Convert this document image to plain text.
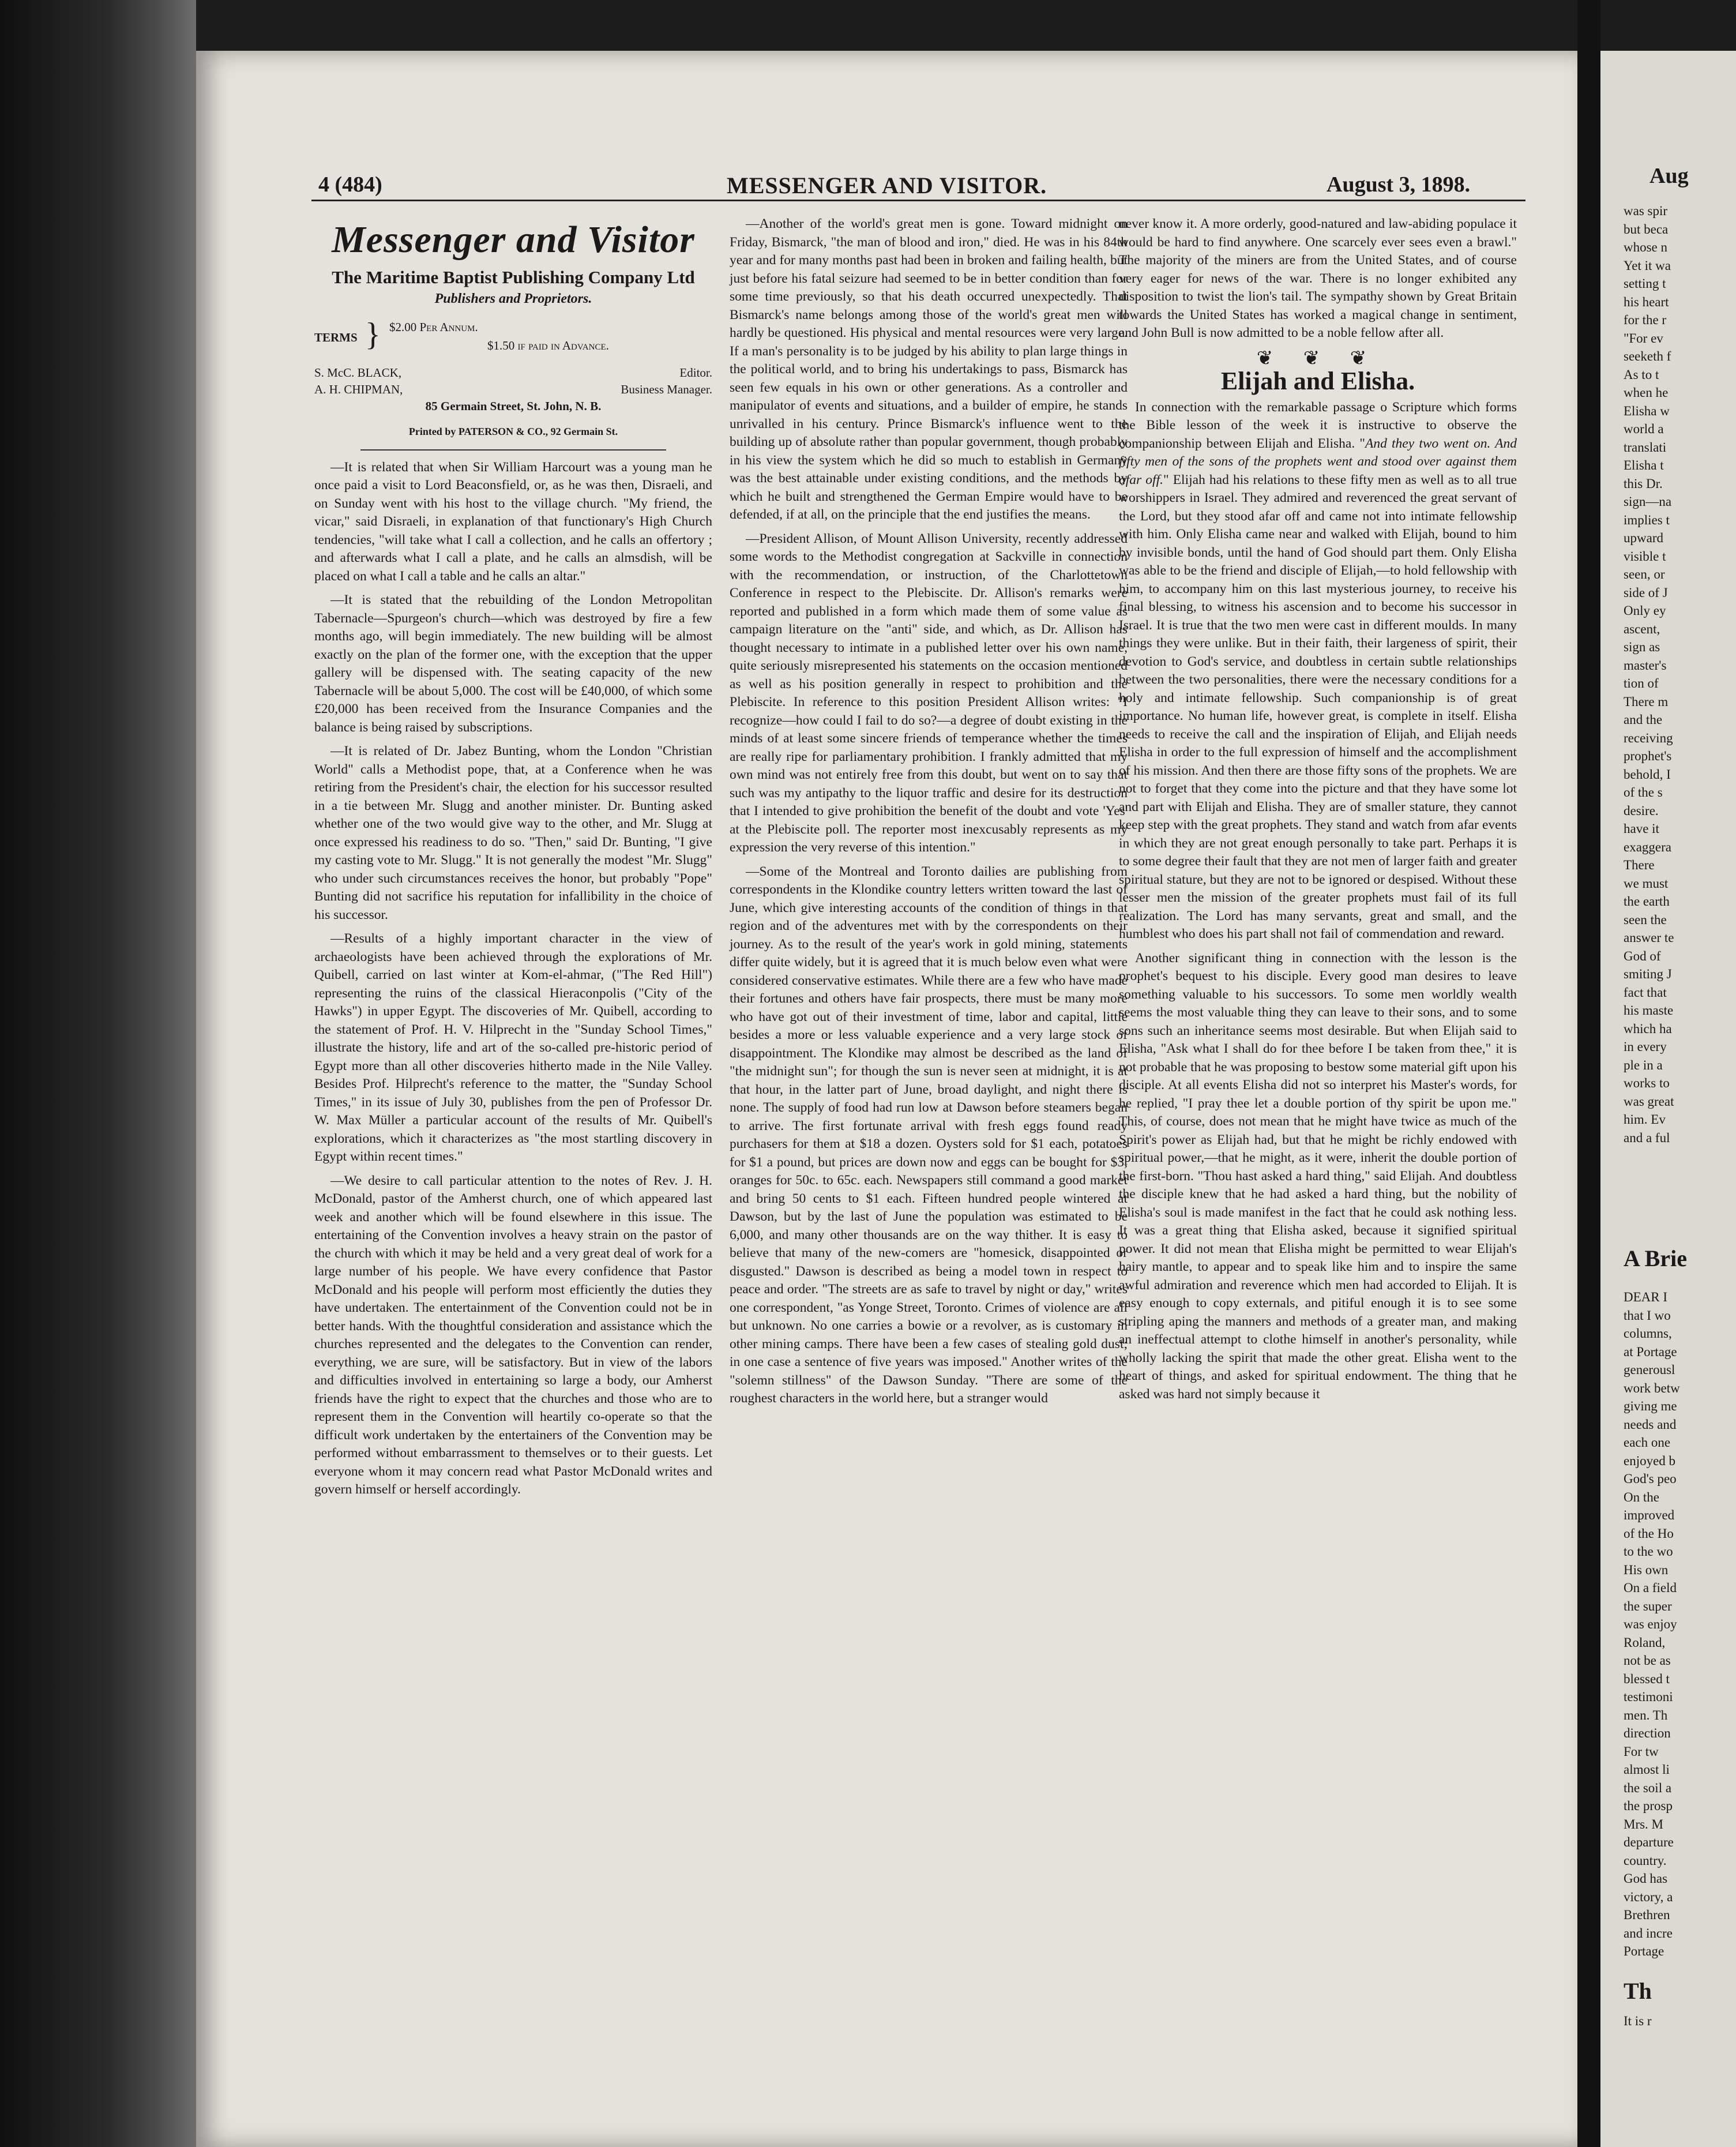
4 (484)	MESSENGER AND VISITOR.	August 3, 1898.
Messenger and Visitor
The Maritime Baptist Publishing Company Ltd
Publishers and Proprietors.
TERMS } $2.00 Per Annum.
$1.50 if paid in Advance.
S. McC. BLACK,	Editor.
A. H. CHIPMAN,	Business Manager.
85 Germain Street, St. John, N. B.
Printed by PATERSON & CO., 92 Germain St.

—It is related that when Sir William Harcourt was a young man he once paid a visit to Lord Beaconsfield, or, as he was then, Disraeli, and on Sunday went with his host to the village church. "My friend, the vicar," said Disraeli, in explanation of that functionary's High Church tendencies, "will take what I call a collection, and he calls an offertory ; and afterwards what I call a plate, and he calls an almsdish, will be placed on what I call a table and he calls an altar."

—It is stated that the rebuilding of the London Metropolitan Tabernacle—Spurgeon's church—which was destroyed by fire a few months ago, will begin immediately. The new building will be almost exactly on the plan of the former one, with the exception that the upper gallery will be dispensed with. The seating capacity of the new Tabernacle will be about 5,000. The cost will be £40,000, of which some £20,000 has been received from the Insurance Companies and the balance is being raised by subscriptions.

—It is related of Dr. Jabez Bunting, whom the London "Christian World" calls a Methodist pope, that, at a Conference when he was retiring from the President's chair, the election for his successor resulted in a tie between Mr. Slugg and another minister. Dr. Bunting asked whether one of the two would give way to the other, and Mr. Slugg at once expressed his readiness to do so. "Then," said Dr. Bunting, "I give my casting vote to Mr. Slugg." It is not generally the modest "Mr. Slugg" who under such circumstances receives the honor, but probably "Pope" Bunting did not sacrifice his reputation for infallibility in the choice of his successor.

—Results of a highly important character in the view of archaeologists have been achieved through the explorations of Mr. Quibell, carried on last winter at Kom-el-ahmar, ("The Red Hill") representing the ruins of the classical Hieraconpolis ("City of the Hawks") in upper Egypt. The discoveries of Mr. Quibell, according to the statement of Prof. H. V. Hilprecht in the "Sunday School Times," illustrate the history, life and art of the so-called pre-historic period of Egypt more than all other discoveries hitherto made in the Nile Valley. Besides Prof. Hilprecht's reference to the matter, the "Sunday School Times," in its issue of July 30, publishes from the pen of Professor Dr. W. Max Müller a particular account of the results of Mr. Quibell's explorations, which it characterizes as "the most startling discovery in Egypt within recent times."

—We desire to call particular attention to the notes of Rev. J. H. McDonald, pastor of the Amherst church, one of which appeared last week and another which will be found elsewhere in this issue. The entertaining of the Convention involves a heavy strain on the pastor of the church with which it may be held and a very great deal of work for a large number of his people. We have every confidence that Pastor McDonald and his people will perform most efficiently the duties they have undertaken. The entertainment of the Convention could not be in better hands. With the thoughtful consideration and assistance which the churches represented and the delegates to the Convention can render, everything, we are sure, will be satisfactory. But in view of the labors and difficulties involved in entertaining so large a body, our Amherst friends have the right to expect that the churches and those who are to represent them in the Convention will heartily co-operate so that the difficult work undertaken by the entertainers of the Convention may be performed without embarrassment to themselves or to their guests. Let everyone whom it may concern read what Pastor McDonald writes and govern himself or herself accordingly.

—Another of the world's great men is gone. Toward midnight on Friday, Bismarck, "the man of blood and iron," died. He was in his 84th year and for many months past had been in broken and failing health, but just before his fatal seizure had seemed to be in better condition than for some time previously, so that his death occurred unexpectedly. That Bismarck's name belongs among those of the world's great men will hardly be questioned. His physical and mental resources were very large. If a man's personality is to be judged by his ability to plan large things in the political world, and to bring his undertakings to pass, Bismarck has seen few equals in his own or other generations. As a controller and manipulator of events and situations, and a builder of empire, he stands unrivalled in his century. Prince Bismarck's influence went to the building up of absolute rather than popular government, though probably in his view the system which he did so much to establish in Germany was the best attainable under existing conditions, and the methods by which he built and strengthened the German Empire would have to be defended, if at all, on the principle that the end justifies the means.

—President Allison, of Mount Allison University, recently addressed some words to the Methodist congregation at Sackville in connection with the recommendation, or instruction, of the Charlottetown Conference in respect to the Plebiscite. Dr. Allison's remarks were reported and published in a form which made them of some value as campaign literature on the "anti" side, and which, as Dr. Allison has thought necessary to intimate in a published letter over his own name, quite seriously misrepresented his statements on the occasion mentioned as well as his position generally in respect to prohibition and the Plebiscite. In reference to this position President Allison writes: "I recognize—how could I fail to do so?—a degree of doubt existing in the minds of at least some sincere friends of temperance whether the times are really ripe for parliamentary prohibition. I frankly admitted that my own mind was not entirely free from this doubt, but went on to say that such was my antipathy to the liquor traffic and desire for its destruction that I intended to give prohibition the benefit of the doubt and vote 'Yes' at the Plebiscite poll. The reporter most inexcusably represents as my expression the very reverse of this intention."

—Some of the Montreal and Toronto dailies are publishing from correspondents in the Klondike country letters written toward the last of June, which give interesting accounts of the condition of things in that region and of the adventures met with by the correspondents on their journey. As to the result of the year's work in gold mining, statements differ quite widely, but it is agreed that it is much below even what were considered conservative estimates. While there are a few who have made their fortunes and others have fair prospects, there must be many more who have got out of their investment of time, labor and capital, little besides a more or less valuable experience and a very large stock of disappointment. The Klondike may almost be described as the land of "the midnight sun"; for though the sun is never seen at midnight, it is at that hour, in the latter part of June, broad daylight, and night there is none. The supply of food had run low at Dawson before steamers began to arrive. The first fortunate arrival with fresh eggs found ready purchasers for them at $18 a dozen. Oysters sold for $1 each, potatoes for $1 a pound, but prices are down now and eggs can be bought for $3, oranges for 50c. to 65c. each. Newspapers still command a good market and bring 50 cents to $1 each. Fifteen hundred people wintered at Dawson, but by the last of June the population was estimated to be 6,000, and many other thousands are on the way thither. It is easy to believe that many of the new-comers are "homesick, disappointed or disgusted." Dawson is described as being a model town in respect to peace and order. "The streets are as safe to travel by night or day," writes one correspondent, "as Yonge Street, Toronto. Crimes of violence are all but unknown. No one carries a bowie or a revolver, as is customary in other mining camps. There have been a few cases of stealing gold dust; in one case a sentence of five years was imposed." Another writes of the "solemn stillness" of the Dawson Sunday. "There are some of the roughest characters in the world here, but a stranger would

never know it. A more orderly, good-natured and law-abiding populace it would be hard to find anywhere. One scarcely ever sees even a brawl." The majority of the miners are from the United States, and of course very eager for news of the war. There is no longer exhibited any disposition to twist the lion's tail. The sympathy shown by Great Britain towards the United States has worked a magical change in sentiment, and John Bull is now admitted to be a noble fellow after all.

❦ ❦ ❦
Elijah and Elisha.

In connection with the remarkable passage o Scripture which forms the Bible lesson of the week it is instructive to observe the companionship between Elijah and Elisha. "And they two went on. And fifty men of the sons of the prophets went and stood over against them afar off." Elijah had his relations to these fifty men as well as to all true worshippers in Israel. They admired and reverenced the great servant of the Lord, but they stood afar off and came not into intimate fellowship with him. Only Elisha came near and walked with Elijah, bound to him by invisible bonds, until the hand of God should part them. Only Elisha was able to be the friend and disciple of Elijah,—to hold fellowship with him, to accompany him on this last mysterious journey, to receive his final blessing, to witness his ascension and to become his successor in Israel. It is true that the two men were cast in different moulds. In many things they were unlike. But in their faith, their largeness of spirit, their devotion to God's service, and doubtless in certain subtle relationships between the two personalities, there were the necessary conditions for a holy and intimate fellowship. Such companionship is of great importance. No human life, however great, is complete in itself. Elisha needs to receive the call and the inspiration of Elijah, and Elijah needs Elisha in order to the full expression of himself and the accomplishment of his mission. And then there are those fifty sons of the prophets. We are not to forget that they come into the picture and that they have some lot and part with Elijah and Elisha. They are of smaller stature, they cannot keep step with the great prophets. They stand and watch from afar events in which they are not great enough personally to take part. Perhaps it is to some degree their fault that they are not men of larger faith and greater spiritual stature, but they are not to be ignored or despised. Without these lesser men the mission of the greater prophets must fail of its full realization. The Lord has many servants, great and small, and the humblest who does his part shall not fail of commendation and reward.

Another significant thing in connection with the lesson is the prophet's bequest to his disciple. Every good man desires to leave something valuable to his successors. To some men worldly wealth seems the most valuable thing they can leave to their sons, and to some sons such an inheritance seems most desirable. But when Elijah said to Elisha, "Ask what I shall do for thee before I be taken from thee," it is not probable that he was proposing to bestow some material gift upon his disciple. At all events Elisha did not so interpret his Master's words, for he replied, "I pray thee let a double portion of thy spirit be upon me." This, of course, does not mean that he might have twice as much of the Spirit's power as Elijah had, but that he might be richly endowed with spiritual power,—that he might, as it were, inherit the double portion of the first-born. "Thou hast asked a hard thing," said Elijah. And doubtless the disciple knew that he had asked a hard thing, but the nobility of Elisha's soul is made manifest in the fact that he could ask nothing less. It was a great thing that Elisha asked, because it signified spiritual power. It did not mean that Elisha might be permitted to wear Elijah's hairy mantle, to appear and to speak like him and to inspire the same awful admiration and reverence which men had accorded to Elijah. It is easy enough to copy externals, and pitiful enough it is to see some stripling aping the manners and methods of a greater man, and making an ineffectual attempt to clothe himself in another's personality, while wholly lacking the spirit that made the other great. Elisha went to the heart of things, and asked for spiritual endowment. The thing that he asked was hard not simply because it

Aug
was spir
but beca
whose n
Yet it wa
setting t
his heart
for the r
"For ev
seeketh f
As to t
when he
Elisha w
world a
translati
Elisha t
this Dr.
sign—na
implies t
upward
visible t
seen, or
side of J
Only ey
ascent,
sign as
master's
tion of
There m
and the
receiving
prophet's
behold, I
of the s
desire.
have it
exaggera
There
we must
the earth
seen the
answer te
God of
smiting J
fact that
his maste
which ha
in every
ple in a
works to
was great
him. Ev
and a ful
A Brie
DEAR I
that I wo
columns,
at Portage
generousl
work betw
giving me
needs and
each one
enjoyed b
God's peo
On the
improved
of the Ho
to the wo
His own
On a field
the super
was enjoy
Roland,
not be as
blessed t
testimoni
men. Th
direction
For tw
almost li
the soil a
the prosp
Mrs. M
departure
country.
God has
victory, a
Brethren
and incre
Portage
Th
It is r
